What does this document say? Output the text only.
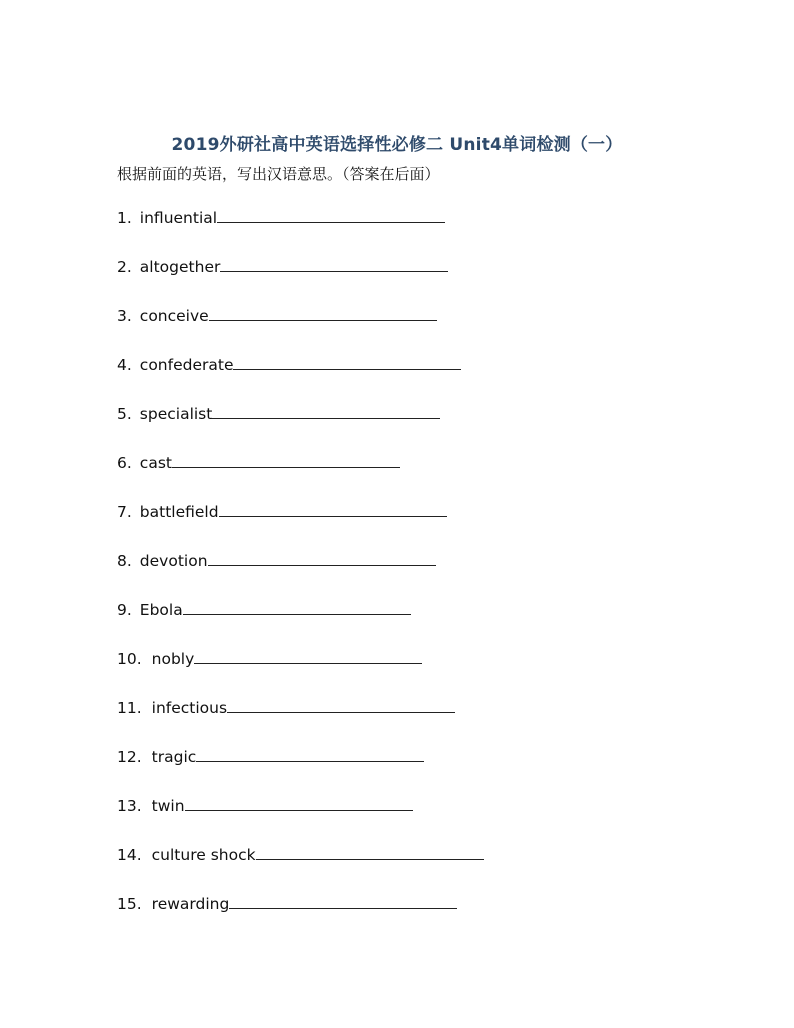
2019外研社高中英语选择性必修二 Unit4单词检测（一）
根据前面的英语，写出汉语意思。（答案在后面）
1. influential
2. altogether
3. conceive
4. confederate
5. specialist
6. cast
7. battlefield
8. devotion
9. Ebola
10. nobly
11. infectious
12. tragic
13. twin
14. culture shock
15. rewarding
